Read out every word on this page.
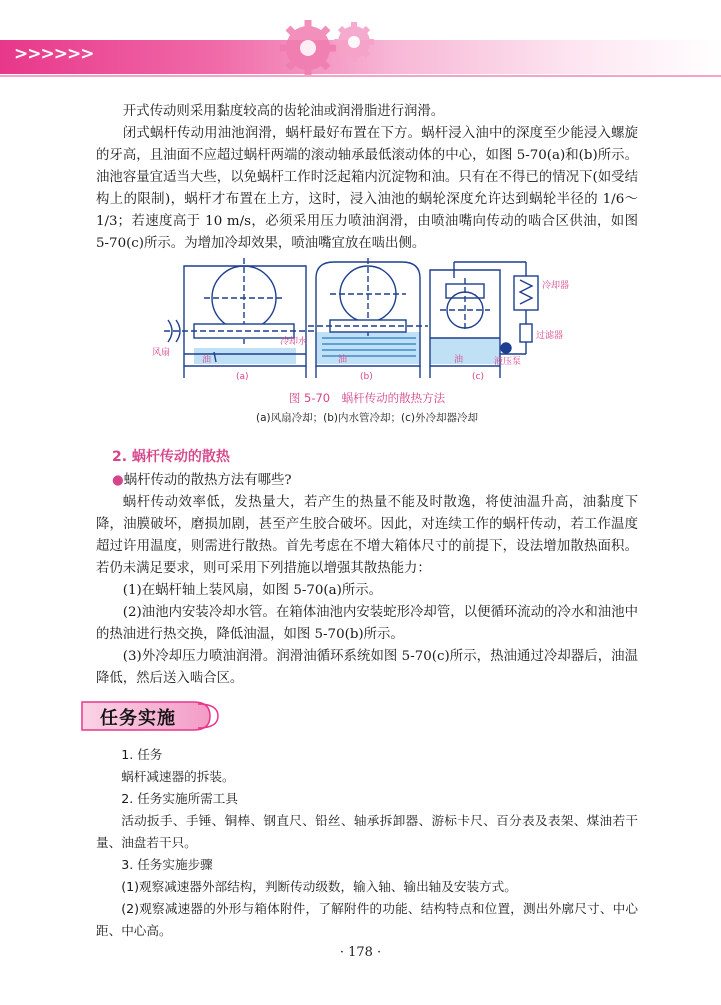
>>>>>>

开式传动则采用黏度较高的齿轮油或润滑脂进行润滑。

闭式蜗杆传动用油池润滑，蜗杆最好布置在下方。蜗杆浸入油中的深度至少能浸入螺旋的牙高，且油面不应超过蜗杆两端的滚动轴承最低滚动体的中心，如图 5-70(a)和(b)所示。油池容量宜适当大些，以免蜗杆工作时泛起箱内沉淀物和油。只有在不得已的情况下(如受结构上的限制)，蜗杆才布置在上方，这时，浸入油池的蜗轮深度允许达到蜗轮半径的 1/6～1/3；若速度高于 10 m/s，必须采用压力喷油润滑，由喷油嘴向传动的啮合区供油，如图 5-70(c)所示。为增加冷却效果，喷油嘴宜放在啮出侧。

风扇
油
(a)
冷却水
油
(b)
冷却器
过滤器
液压泵
油
(c)
图 5-70　蜗杆传动的散热方法
(a)风扇冷却；(b)内水管冷却；(c)外冷却器冷却
2. 蜗杆传动的散热
●蜗杆传动的散热方法有哪些?

蜗杆传动效率低，发热量大，若产生的热量不能及时散逸，将使油温升高，油黏度下降，油膜破坏，磨损加剧，甚至产生胶合破坏。因此，对连续工作的蜗杆传动，若工作温度超过许用温度，则需进行散热。首先考虑在不增大箱体尺寸的前提下，设法增加散热面积。若仍未满足要求，则可采用下列措施以增强其散热能力：

(1)在蜗杆轴上装风扇，如图 5-70(a)所示。

(2)油池内安装冷却水管。在箱体油池内安装蛇形冷却管，以便循环流动的冷水和油池中的热油进行热交换，降低油温，如图 5-70(b)所示。

(3)外冷却压力喷油润滑。润滑油循环系统如图 5-70(c)所示，热油通过冷却器后，油温降低，然后送入啮合区。

任务实施

1. 任务

蜗杆减速器的拆装。

2. 任务实施所需工具

活动扳手、手锤、铜棒、钢直尺、铅丝、轴承拆卸器、游标卡尺、百分表及表架、煤油若干量、油盘若干只。

3. 任务实施步骤

(1)观察减速器外部结构，判断传动级数，输入轴、输出轴及安装方式。

(2)观察减速器的外形与箱体附件，了解附件的功能、结构特点和位置，测出外廓尺寸、中心距、中心高。

· 178 ·
